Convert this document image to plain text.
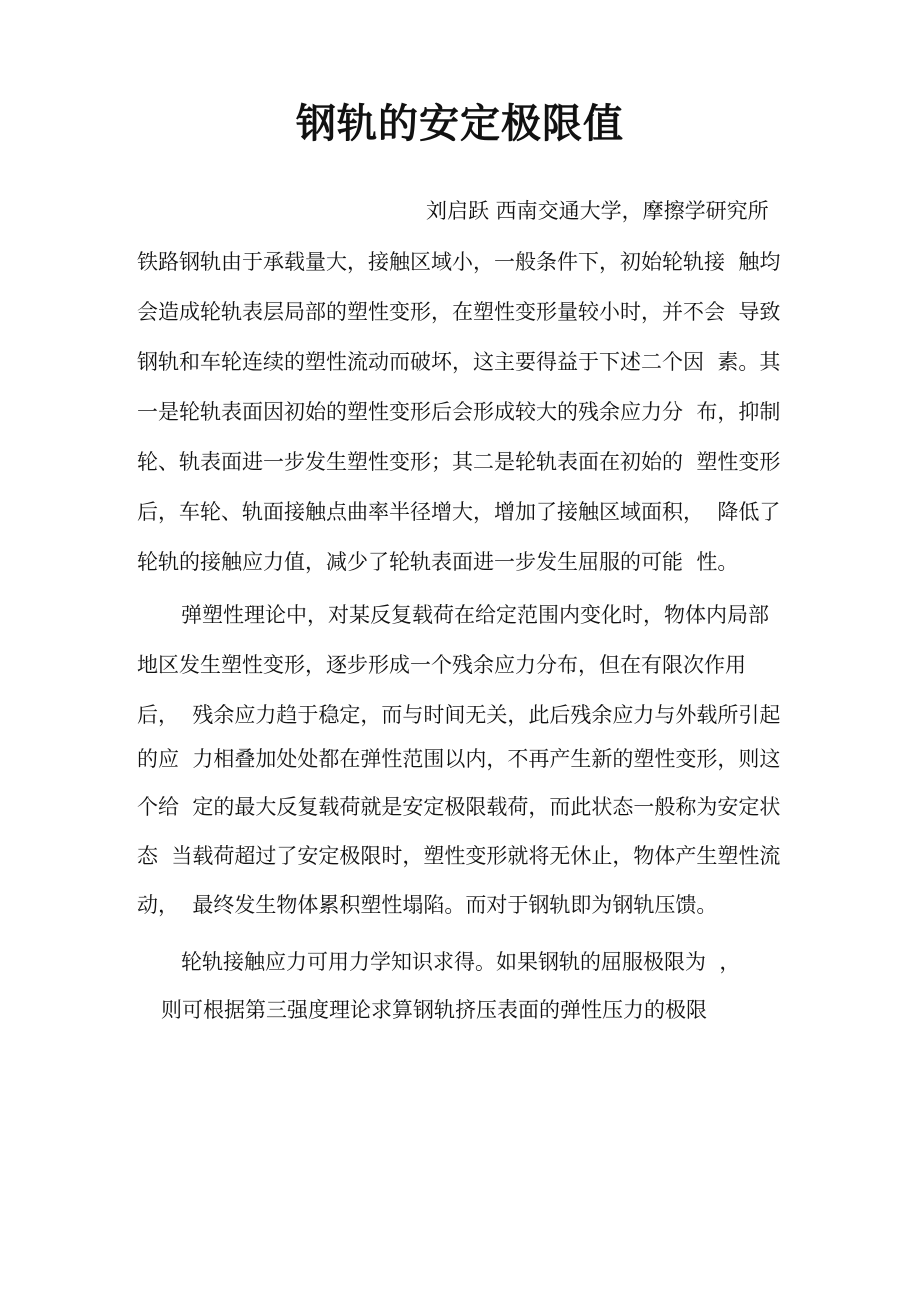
钢轨的安定极限值
刘启跃 西南交通大学，摩擦学研究所
铁路钢轨由于承载量大，接触区域小，一般条件下，初始轮轨接  触均
会造成轮轨表层局部的塑性变形，在塑性变形量较小时，并不会  导致
钢轨和车轮连续的塑性流动而破坏，这主要得益于下述二个因  素。其
一是轮轨表面因初始的塑性变形后会形成较大的残余应力分  布，抑制
轮、轨表面进一步发生塑性变形；其二是轮轨表面在初始的  塑性变形
后，车轮、轨面接触点曲率半径增大，增加了接触区域面积，  降低了
轮轨的接触应力值，减少了轮轨表面进一步发生屈服的可能  性。
弹塑性理论中，对某反复载荷在给定范围内变化时，物体内局部
地区发生塑性变形，逐步形成一个残余应力分布，但在有限次作用
后，  残余应力趋于稳定，而与时间无关，此后残余应力与外载所引起
的应  力相叠加处处都在弹性范围以内，不再产生新的塑性变形，则这
个给  定的最大反复载荷就是安定极限载荷，而此状态一般称为安定状
态  当载荷超过了安定极限时，塑性变形就将无休止，物体产生塑性流
动，  最终发生物体累积塑性塌陷。而对于钢轨即为钢轨压馈。
轮轨接触应力可用力学知识求得。如果钢轨的屈服极限为  ，
则可根据第三强度理论求算钢轨挤压表面的弹性压力的极限
